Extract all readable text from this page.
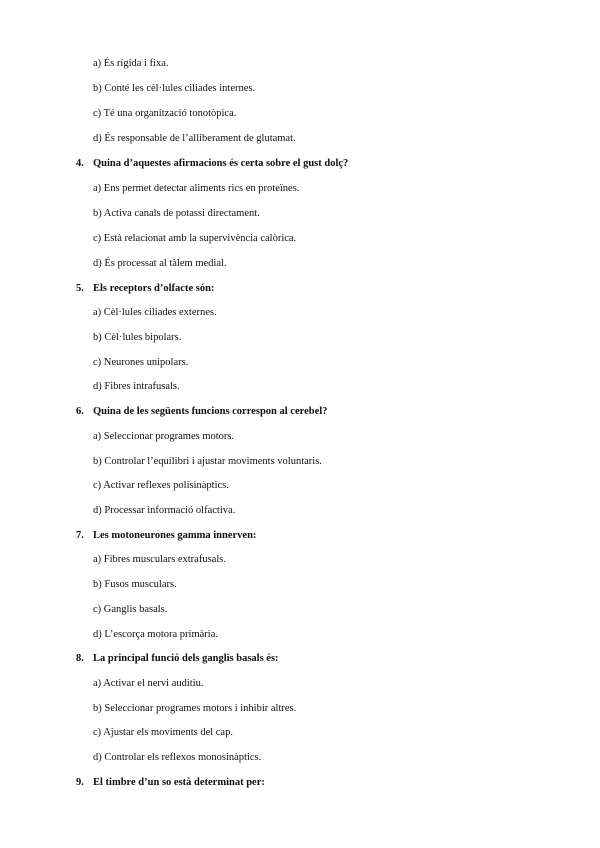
a) És rígida i fixa.
b) Conté les cèl·lules ciliades internes.
c) Té una organització tonotòpica.
d) És responsable de l’alliberament de glutamat.
4. Quina d’aquestes afirmacions és certa sobre el gust dolç?
a) Ens permet detectar aliments rics en proteïnes.
b) Activa canals de potassi directament.
c) Està relacionat amb la supervivència calòrica.
d) És processat al tàlem medial.
5. Els receptors d’olfacte són:
a) Cèl·lules ciliades externes.
b) Cèl·lules bipolars.
c) Neurones unipolars.
d) Fibres intrafusals.
6. Quina de les següents funcions correspon al cerebel?
a) Seleccionar programes motors.
b) Controlar l’equilibri i ajustar moviments voluntaris.
c) Activar reflexes polisinàptics.
d) Processar informació olfactiva.
7. Les motoneurones gamma innerven:
a) Fibres musculars extrafusals.
b) Fusos musculars.
c) Ganglis basals.
d) L’escorça motora primària.
8. La principal funció dels ganglis basals és:
a) Activar el nervi auditiu.
b) Seleccionar programes motors i inhibir altres.
c) Ajustar els moviments del cap.
d) Controlar els reflexos monosinàptics.
9. El timbre d’un so està determinat per:
